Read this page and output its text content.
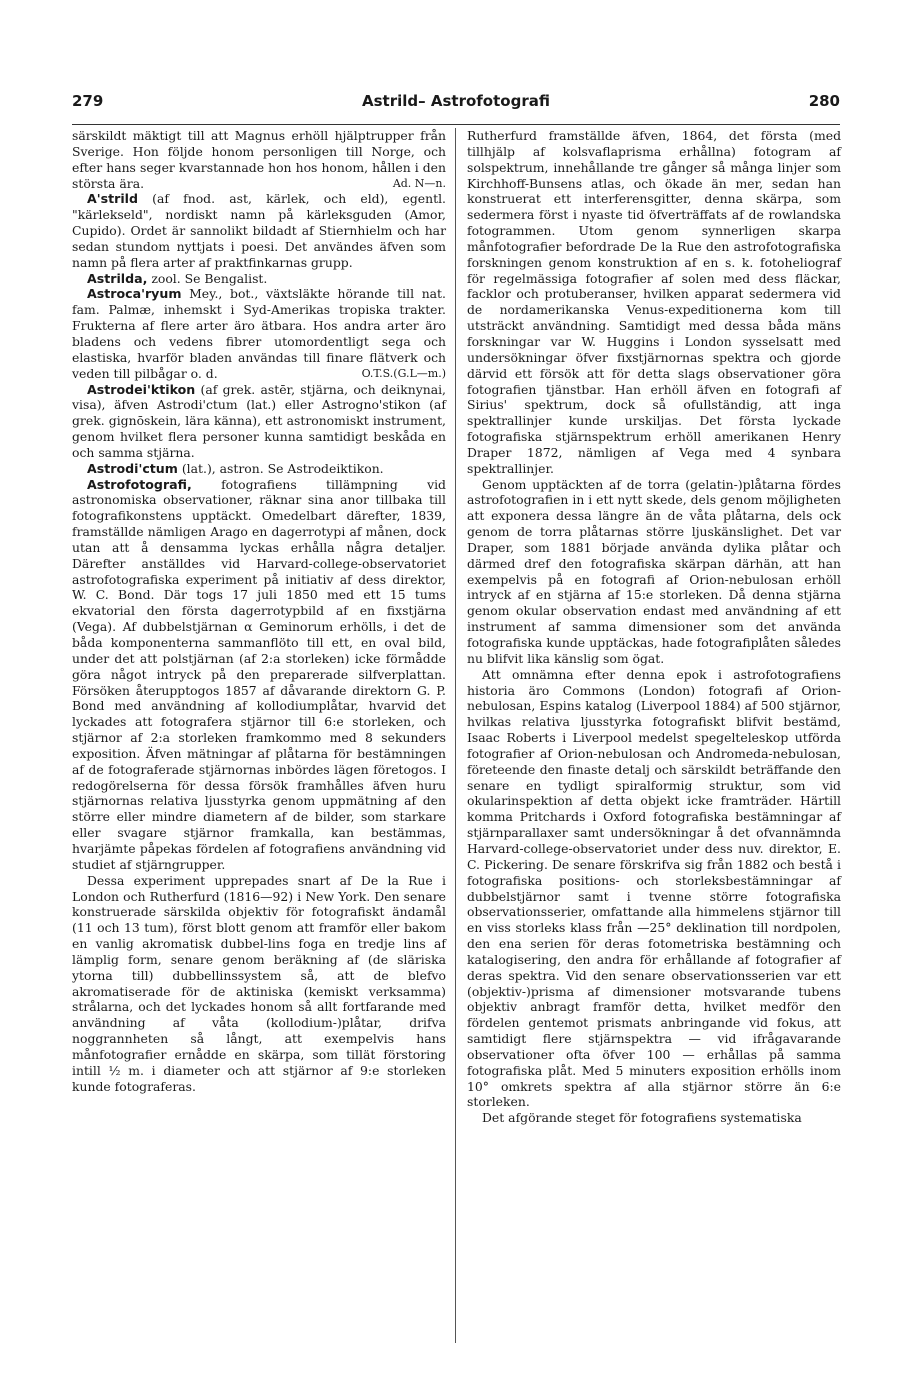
279	Astrild– Astrofotografi	280

särskildt mäktigt till att Magnus erhöll hjälptrupper från Sverige. Hon följde honom personligen till Norge, och efter hans seger kvarstannade hon hos honom, hållen i den största ära.	Ad. N—n.

A'strild (af fnod. ast, kärlek, och eld), egentl. "kärlekseld", nordiskt namn på kärleksguden (Amor, Cupido). Ordet är sannolikt bildadt af Stiernhielm och har sedan stundom nyttjats i poesi. Det användes äfven som namn på flera arter af praktfinkarnas grupp.

Astrilda, zool. Se Bengalist.

Astroca'ryum Mey., bot., växtsläkte hörande till nat. fam. Palmæ, inhemskt i Syd-Amerikas tropiska trakter. Frukterna af flere arter äro ätbara. Hos andra arter äro bladens och vedens fibrer utomordentligt sega och elastiska, hvarför bladen användas till finare flätverk och veden till pilbågar o. d.	O.T.S.(G.L—m.)

Astrodei'ktikon (af grek. astēr, stjärna, och deiknynai, visa), äfven Astrodi'ctum (lat.) eller Astrogno'stikon (af grek. gignōskein, lära känna), ett astronomiskt instrument, genom hvilket flera personer kunna samtidigt beskåda en och samma stjärna.

Astrodi'ctum (lat.), astron. Se Astrodeiktikon.

Astrofotografi, fotografiens tillämpning vid astronomiska observationer, räknar sina anor tillbaka till fotografikonstens upptäckt. Omedelbart därefter, 1839, framställde nämligen Arago en dagerrotypi af månen, dock utan att å densamma lyckas erhålla några detaljer. Därefter anställdes vid Harvard-college-observatoriet astrofotografiska experiment på initiativ af dess direktor, W. C. Bond. Där togs 17 juli 1850 med ett 15 tums ekvatorial den första dagerrotypbild af en fixstjärna (Vega). Af dubbelstjärnan α Geminorum erhölls, i det de båda komponenterna sammanflöto till ett, en oval bild, under det att polstjärnan (af 2:a storleken) icke förmådde göra något intryck på den preparerade silfverplattan. Försöken återupptogos 1857 af dåvarande direktorn G. P. Bond med användning af kollodiumplåtar, hvarvid det lyckades att fotografera stjärnor till 6:e storleken, och stjärnor af 2:a storleken framkommo med 8 sekunders exposition. Äfven mätningar af plåtarna för bestämningen af de fotograferade stjärnornas inbördes lägen företogos. I redogörelserna för dessa försök framhålles äfven huru stjärnornas relativa ljusstyrka genom uppmätning af den större eller mindre diametern af de bilder, som starkare eller svagare stjärnor framkalla, kan bestämmas, hvarjämte påpekas fördelen af fotografiens användning vid studiet af stjärngrupper.

Dessa experiment upprepades snart af De la Rue i London och Rutherfurd (1816—92) i New York. Den senare konstruerade särskilda objektiv för fotografiskt ändamål (11 och 13 tum), först blott genom att framför eller bakom en vanlig akromatisk dubbel-lins foga en tredje lins af lämplig form, senare genom beräkning af (de släriska ytorna till) dubbellinssystem så, att de blefvo akromatiserade för de aktiniska (kemiskt verksamma) strålarna, och det lyckades honom så allt fortfarande med användning af våta (kollodium-)plåtar, drifva noggrannheten så långt, att exempelvis hans månfotografier ernådde en skärpa, som tillät förstoring intill ½ m. i diameter och att stjärnor af 9:e storleken kunde fotograferas.

Rutherfurd framställde äfven, 1864, det första (med tillhjälp af kolsvaflaprisma erhållna) fotogram af solspektrum, innehållande tre gånger så många linjer som Kirchhoff-Bunsens atlas, och ökade än mer, sedan han konstruerat ett interferensgitter, denna skärpa, som sedermera först i nyaste tid öfverträffats af de rowlandska fotogrammen. Utom genom synnerligen skarpa månfotografier befordrade De la Rue den astrofotografiska forskningen genom konstruktion af en s. k. fotoheliograf för regelmässiga fotografier af solen med dess fläckar, facklor och protuberanser, hvilken apparat sedermera vid de nordamerikanska Venus-expeditionerna kom till utsträckt användning. Samtidigt med dessa båda mäns forskningar var W. Huggins i London sysselsatt med undersökningar öfver fixstjärnornas spektra och gjorde därvid ett försök att för detta slags observationer göra fotografien tjänstbar. Han erhöll äfven en fotografi af Sirius' spektrum, dock så ofullständig, att inga spektrallinjer kunde urskiljas. Det första lyckade fotografiska stjärnspektrum erhöll amerikanen Henry Draper 1872, nämligen af Vega med 4 synbara spektrallinjer.

Genom upptäckten af de torra (gelatin-)plåtarna fördes astrofotografien in i ett nytt skede, dels genom möjligheten att exponera dessa längre än de våta plåtarna, dels ock genom de torra plåtarnas större ljuskänslighet. Det var Draper, som 1881 började använda dylika plåtar och därmed dref den fotografiska skärpan därhän, att han exempelvis på en fotografi af Orion-nebulosan erhöll intryck af en stjärna af 15:e storleken. Då denna stjärna genom okular observation endast med användning af ett instrument af samma dimensioner som det använda fotografiska kunde upptäckas, hade fotografiplåten således nu blifvit lika känslig som ögat.

Att omnämna efter denna epok i astrofotografiens historia äro Commons (London) fotografi af Orion-nebulosan, Espins katalog (Liverpool 1884) af 500 stjärnor, hvilkas relativa ljusstyrka fotografiskt blifvit bestämd, Isaac Roberts i Liverpool medelst spegelteleskop utförda fotografier af Orion-nebulosan och Andromeda-nebulosan, företeende den finaste detalj och särskildt beträffande den senare en tydligt spiralformig struktur, som vid okularinspektion af detta objekt icke framträder. Härtill komma Pritchards i Oxford fotografiska bestämningar af stjärnparallaxer samt undersökningar å det ofvannämnda Harvard-college-observatoriet under dess nuv. direktor, E. C. Pickering. De senare förskrifva sig från 1882 och bestå i fotografiska positions- och storleksbestämningar af dubbelstjärnor samt i tvenne större fotografiska observationsserier, omfattande alla himmelens stjärnor till en viss storleks klass från —25° deklination till nordpolen, den ena serien för deras fotometriska bestämning och katalogisering, den andra för erhållande af fotografier af deras spektra. Vid den senare observationsserien var ett (objektiv-)prisma af dimensioner motsvarande tubens objektiv anbragt framför detta, hvilket medför den fördelen gentemot prismats anbringande vid fokus, att samtidigt flere stjärnspektra — vid ifrågavarande observationer ofta öfver 100 — erhållas på samma fotografiska plåt. Med 5 minuters exposition erhölls inom 10° omkrets spektra af alla stjärnor större än 6:e storleken.

Det afgörande steget för fotografiens systematiska
